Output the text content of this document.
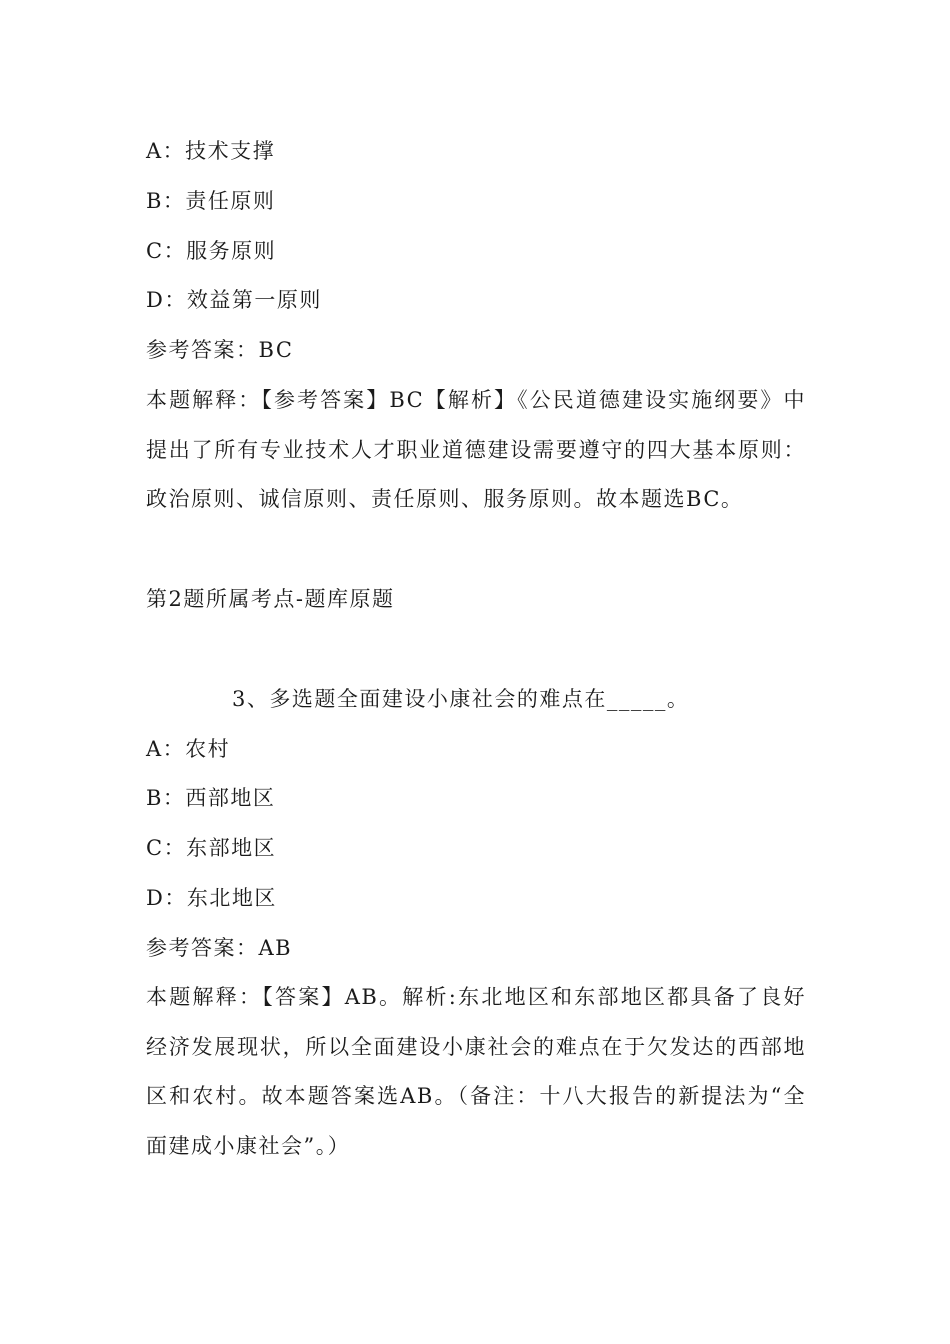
A：技术支撑
B：责任原则
C：服务原则
D：效益第一原则
参考答案：BC
本题解释：【参考答案】BC【解析】《公民道德建设实施纲要》中提出了所有专业技术人才职业道德建设需要遵守的四大基本原则：政治原则、诚信原则、责任原则、服务原则。故本题选BC。
第2题所属考点-题库原题
3、多选题全面建设小康社会的难点在_____。
A：农村
B：西部地区
C：东部地区
D：东北地区
参考答案：AB
本题解释：【答案】AB。解析:东北地区和东部地区都具备了良好经济发展现状，所以全面建设小康社会的难点在于欠发达的西部地区和农村。故本题答案选AB。（备注：十八大报告的新提法为“全面建成小康社会”。）
